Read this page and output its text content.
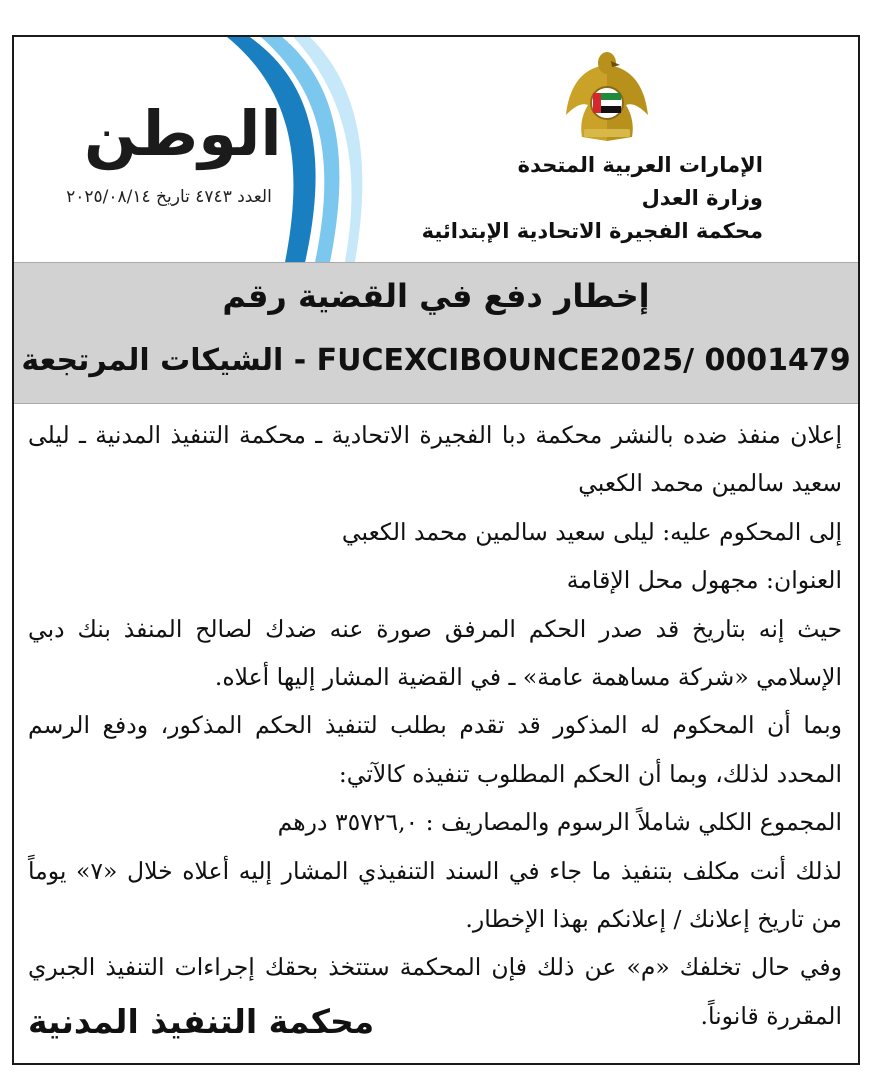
الوطن
العدد ٤٧٤٣ تاريخ ٢٠٢٥/٠٨/١٤
الإمارات العربية المتحدة
وزارة العدل
محكمة الفجيرة الاتحادية الإبتدائية
إخطار دفع في القضية رقم
FUCEXCIBOUNCE2025/ 0001479 - الشيكات المرتجعة

إعلان منفذ ضده بالنشر محكمة دبا الفجيرة الاتحادية ـ محكمة التنفيذ المدنية ـ ليلى سعيد سالمين محمد الكعبي

إلى المحكوم عليه: ليلى سعيد سالمين محمد الكعبي

العنوان: مجهول محل الإقامة

حيث إنه بتاريخ قد صدر الحكم المرفق صورة عنه ضدك لصالح المنفذ بنك دبي الإسلامي «شركة مساهمة عامة» ـ في القضية المشار إليها أعلاه.

وبما أن المحكوم له المذكور قد تقدم بطلب لتنفيذ الحكم المذكور، ودفع الرسم المحدد لذلك، وبما أن الحكم المطلوب تنفيذه كالآتي:

المجموع الكلي شاملاً الرسوم والمصاريف : ٣٥٧٢٦,٠ درهم

لذلك أنت مكلف بتنفيذ ما جاء في السند التنفيذي المشار إليه أعلاه خلال «٧» يوماً من تاريخ إعلانك / إعلانكم بهذا الإخطار.

وفي حال تخلفك «م» عن ذلك فإن المحكمة ستتخذ بحقك إجراءات التنفيذ الجبري المقررة قانوناً.

محكمة التنفيذ المدنية
